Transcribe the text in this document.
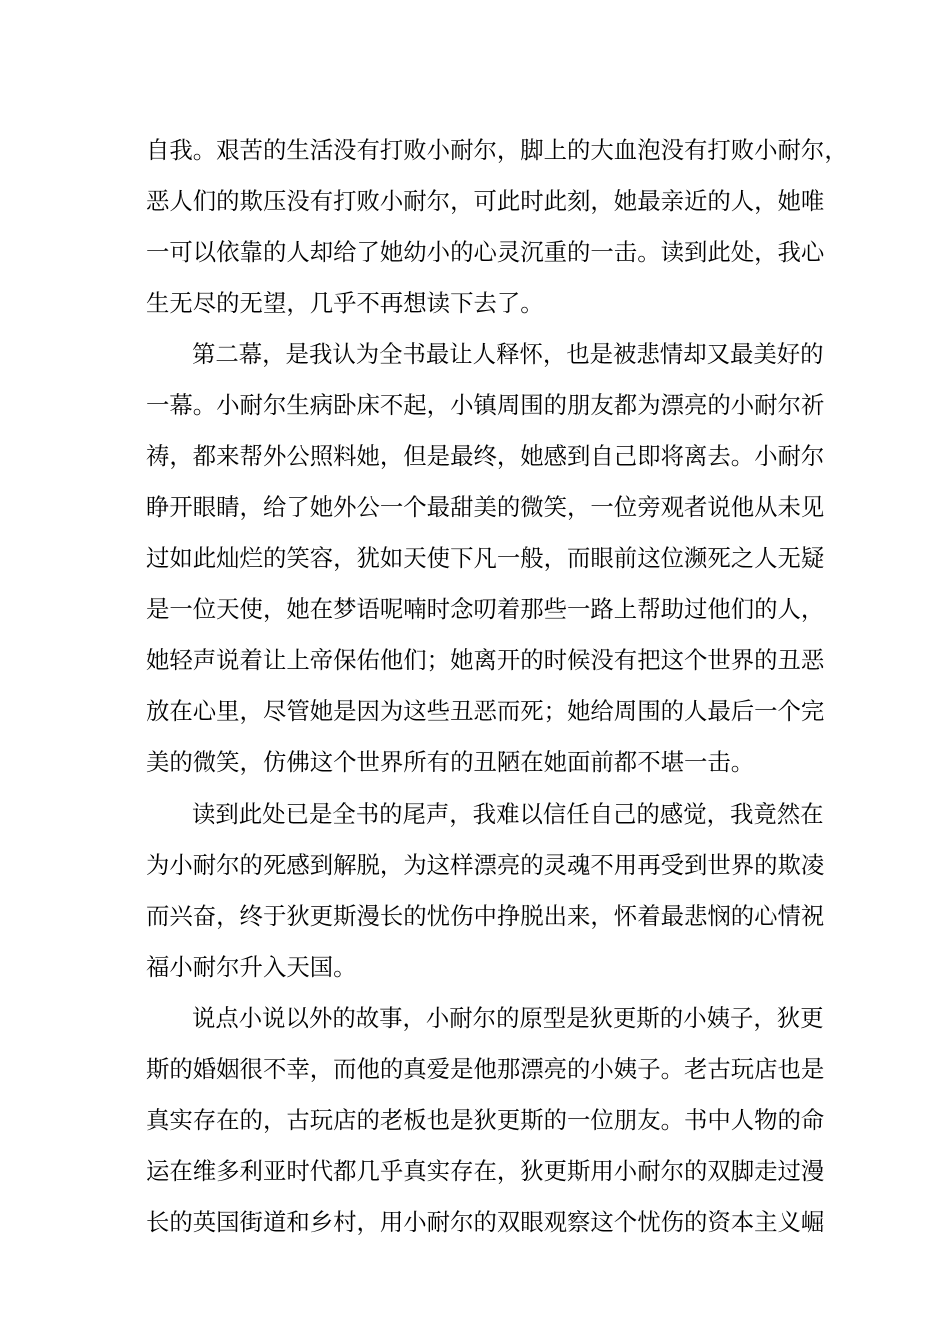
自我。艰苦的生活没有打败小耐尔，脚上的大血泡没有打败小耐尔，
恶人们的欺压没有打败小耐尔，可此时此刻，她最亲近的人，她唯
一可以依靠的人却给了她幼小的心灵沉重的一击。读到此处，我心
生无尽的无望，几乎不再想读下去了。
第二幕，是我认为全书最让人释怀，也是被悲情却又最美好的
一幕。小耐尔生病卧床不起，小镇周围的朋友都为漂亮的小耐尔祈
祷，都来帮外公照料她，但是最终，她感到自己即将离去。小耐尔
睁开眼睛，给了她外公一个最甜美的微笑，一位旁观者说他从未见
过如此灿烂的笑容，犹如天使下凡一般，而眼前这位濒死之人无疑
是一位天使，她在梦语呢喃时念叨着那些一路上帮助过他们的人，
她轻声说着让上帝保佑他们；她离开的时候没有把这个世界的丑恶
放在心里，尽管她是因为这些丑恶而死；她给周围的人最后一个完
美的微笑，仿佛这个世界所有的丑陋在她面前都不堪一击。
读到此处已是全书的尾声，我难以信任自己的感觉，我竟然在
为小耐尔的死感到解脱，为这样漂亮的灵魂不用再受到世界的欺凌
而兴奋，终于狄更斯漫长的忧伤中挣脱出来，怀着最悲悯的心情祝
福小耐尔升入天国。
说点小说以外的故事，小耐尔的原型是狄更斯的小姨子，狄更
斯的婚姻很不幸，而他的真爱是他那漂亮的小姨子。老古玩店也是
真实存在的，古玩店的老板也是狄更斯的一位朋友。书中人物的命
运在维多利亚时代都几乎真实存在，狄更斯用小耐尔的双脚走过漫
长的英国街道和乡村，用小耐尔的双眼观察这个忧伤的资本主义崛
